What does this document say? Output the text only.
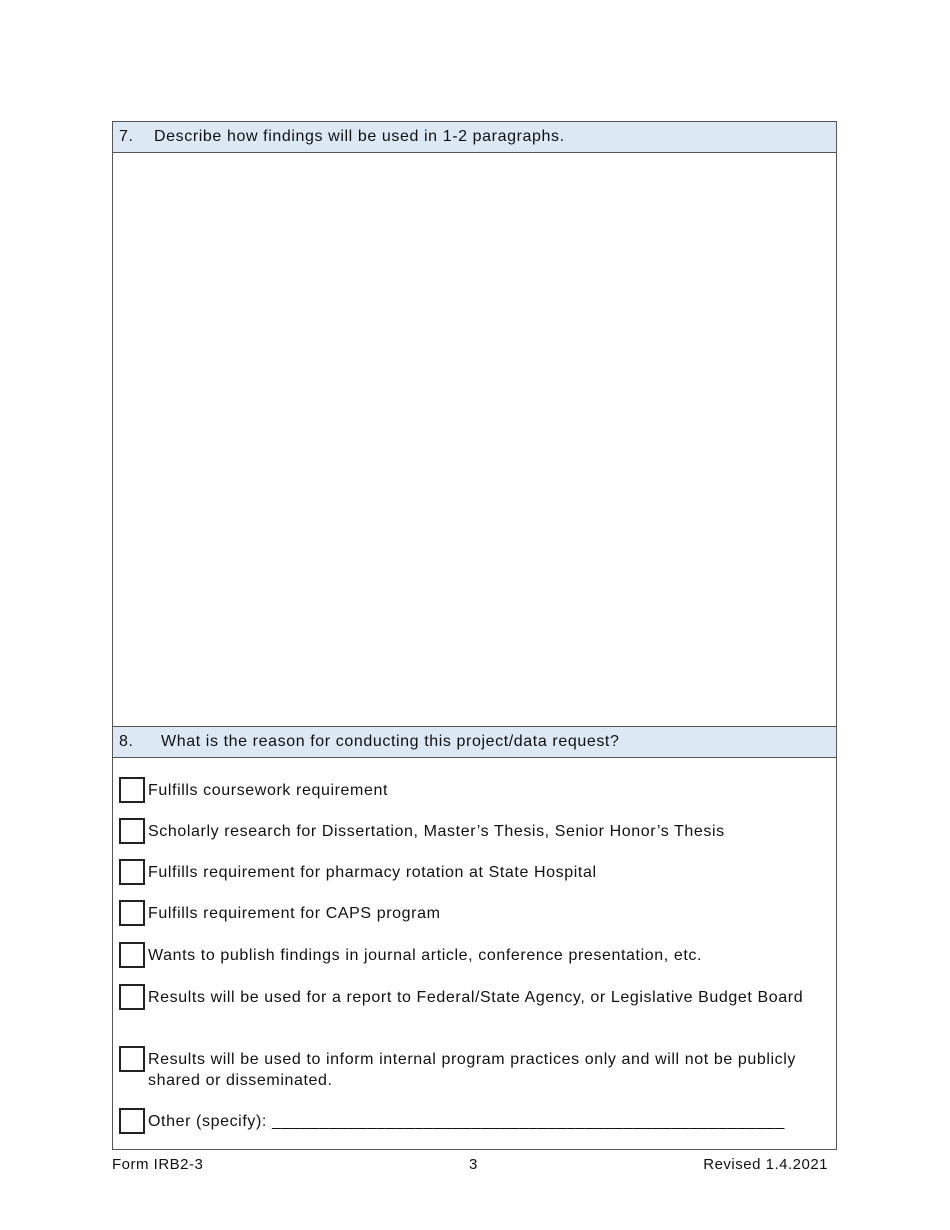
7. Describe how findings will be used in 1-2 paragraphs.
8. What is the reason for conducting this project/data request?
Fulfills coursework requirement
Scholarly research for Dissertation, Master’s Thesis, Senior Honor’s Thesis
Fulfills requirement for pharmacy rotation at State Hospital
Fulfills requirement for CAPS program
Wants to publish findings in journal article, conference presentation, etc.
Results will be used for a report to Federal/State Agency, or Legislative Budget Board
Results will be used to inform internal program practices only and will not be publicly shared or disseminated.
Other (specify): ______________________________________________________
Form IRB2-3	3	Revised 1.4.2021
